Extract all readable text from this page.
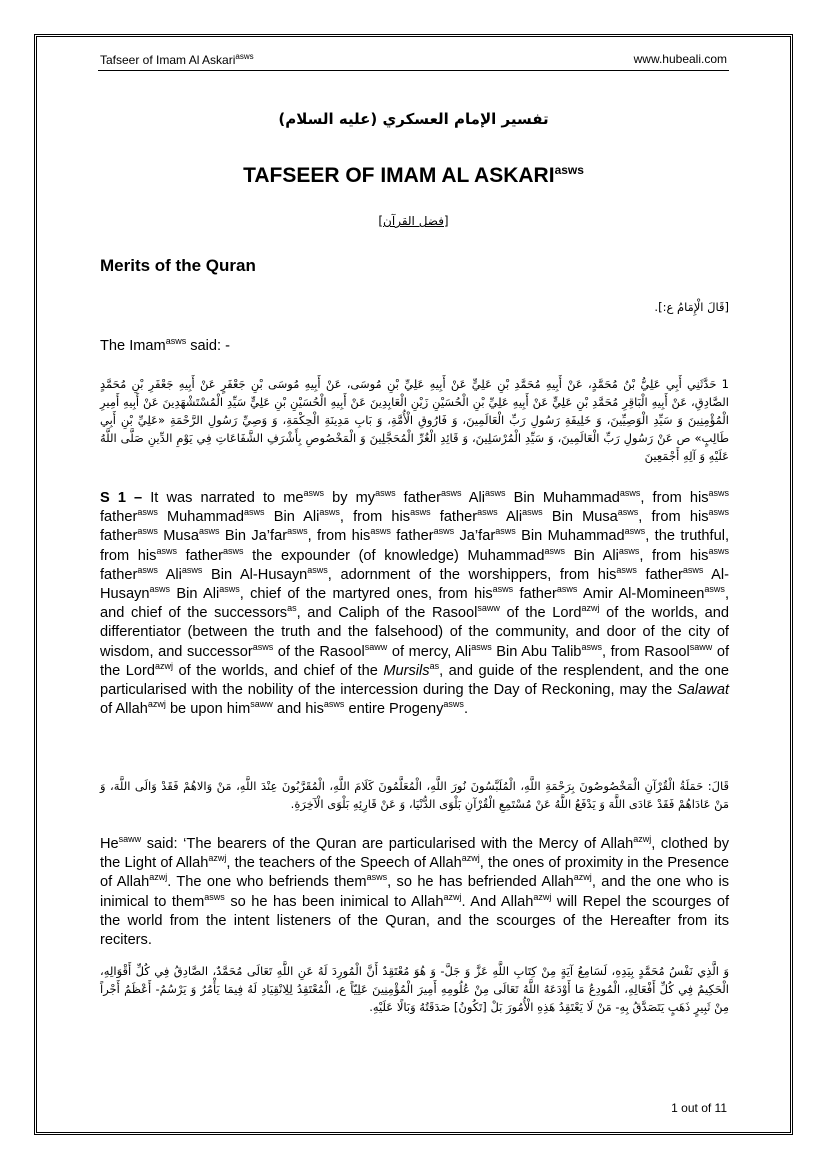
Tafseer of Imam Al Askari$^{asws}$	www.hubeali.com
تفسير الإمام العسكري (عليه السلام)
TAFSEER OF IMAM AL $ASKARI^{asws}$
[فضل القرآن]
Merits of the Quran
[قَالَ الْإِمَامُ ع:].
The Imam$^{asws}$ said: -
1 حَدَّثَنِي أَبِي عَلِيُّ بْنُ مُحَمَّدٍ، عَنْ أَبِيهِ مُحَمَّدِ بْنِ عَلِيٍّ عَنْ أَبِيهِ عَلِيِّ بْنِ مُوسَى، عَنْ أَبِيهِ مُوسَى بْنِ جَعْفَرٍ عَنْ أَبِيهِ جَعْفَرِ بْنِ مُحَمَّدٍ الصَّادِقِ، عَنْ أَبِيهِ الْبَاقِرِ مُحَمَّدِ بْنِ عَلِيٍّ عَنْ أَبِيهِ عَلِيِّ بْنِ الْحُسَيْنِ زَيْنِ الْعَابِدِينَ عَنْ أَبِيهِ الْحُسَيْنِ بْنِ عَلِيٍّ سَيِّدِ الْمُسْتَشْهَدِينَ عَنْ أَبِيهِ أَمِيرِ الْمُؤْمِنِينَ وَ سَيِّدِ الْوَصِيِّينَ، وَ خَلِيفَةِ رَسُولِ رَبِّ الْعَالَمِينَ، وَ فَارُوقِ الْأُمَّةِ، وَ بَابِ مَدِينَةِ الْحِكْمَةِ، وَ وَصِيِّ رَسُولِ الرَّحْمَةِ «عَلِيِّ بْنِ أَبِي طَالِبٍ» ص عَنْ رَسُولِ رَبِّ الْعَالَمِينَ، وَ سَيِّدِ الْمُرْسَلِينَ، وَ قَائِدِ الْغُرِّ الْمُحَجَّلِينَ وَ الْمَخْصُوصِ بِأَشْرَفِ الشَّفَاعَاتِ فِي يَوْمِ الدِّينِ صَلَّى اللَّهُ عَلَيْهِ وَ آلِهِ أَجْمَعِينَ
S 1 – It was narrated to $me^{asws}$ by $my^{asws}$ father$^{asws}$ Ali$^{asws}$ Bin Muhammad$^{asws}$, from his$^{asws}$ father$^{asws}$ Muhammad$^{asws}$ Bin Ali$^{asws}$, from his$^{asws}$ father$^{asws}$ Ali$^{asws}$ Bin Musa$^{asws}$, from his$^{asws}$ father$^{asws}$ Musa$^{asws}$ Bin Ja’far$^{asws}$, from his$^{asws}$ father$^{asws}$ Ja’far$^{asws}$ Bin Muhammad$^{asws}$, the truthful, from his$^{asws}$ father$^{asws}$ the expounder (of knowledge) Muhammad$^{asws}$ Bin Ali$^{asws}$, from his$^{asws}$ father$^{asws}$ Ali$^{asws}$ Bin Al-Husayn$^{asws}$, adornment of the worshippers, from his$^{asws}$ father$^{asws}$ Al-Husayn$^{asws}$ Bin Ali$^{asws}$, chief of the martyred ones, from his$^{asws}$ father$^{asws}$ Amir Al-Momineen$^{asws}$, and chief of the successors$^{as}$, and Caliph of the Rasool$^{saww}$ of the Lord$^{azwj}$ of the worlds, and differentiator (between the truth and the falsehood) of the community, and door of the city of wisdom, and successor$^{asws}$ of the Rasool$^{saww}$ of mercy, Ali$^{asws}$ Bin Abu Talib$^{asws}$, from Rasool$^{saww}$ of the Lord$^{azwj}$ of the worlds, and chief of the Mursils$^{as}$, and guide of the resplendent, and the one particularised with the nobility of the intercession during the Day of Reckoning, may the Salawat of Allah$^{azwj}$ be upon him$^{saww}$ and his$^{asws}$ entire Progeny$^{asws}$.
قَالَ: حَمَلَةُ الْقُرْآنِ الْمَخْصُوصُونَ بِرَحْمَةِ اللَّهِ، الْمُلَبَّسُونَ نُورَ اللَّهِ، الْمُعَلَّمُونَ كَلَامَ اللَّهِ، الْمُقَرَّبُونَ عِنْدَ اللَّهِ، مَنْ وَالاهُمْ فَقَدْ وَالَى اللَّهَ، وَ مَنْ عَادَاهُمْ فَقَدْ عَادَى اللَّهَ وَ يَدْفَعُ اللَّهُ عَنْ مُسْتَمِعِ الْقُرْآنِ بَلْوَى الدُّنْيَا، وَ عَنْ قَارِئِهِ بَلْوَى الْآخِرَةِ.
$He^{saww}$ said: ‘The bearers of the Quran are particularised with the Mercy of Allah$^{azwj}$, clothed by the Light of Allah$^{azwj}$, the teachers of the Speech of Allah$^{azwj}$, the ones of proximity in the Presence of Allah$^{azwj}$. The one who befriends them$^{asws}$, so he has befriended Allah$^{azwj}$, and the one who is inimical to them$^{asws}$ so he has been inimical to Allah$^{azwj}$. And Allah$^{azwj}$ will Repel the scourges of the world from the intent listeners of the Quran, and the scourges of the Hereafter from its reciters.
وَ الَّذِي نَفْسُ مُحَمَّدٍ بِيَدِهِ، لَسَامِعُ آيَةٍ مِنْ كِتَابِ اللَّهِ عَزَّ وَ جَلَّ- وَ هُوَ مُعْتَقِدٌ أَنَّ الْمُورِدَ لَهُ عَنِ اللَّهِ تَعَالَى مُحَمَّدٌ، الصَّادِقُ فِي كُلِّ أَقْوَالِهِ، الْحَكِيمُ فِي كُلِّ أَفْعَالِهِ، الْمُودِعُ مَا أَوْدَعَهُ اللَّهُ تَعَالَى مِنْ عُلُومِهِ أَمِيرَ الْمُؤْمِنِينَ عَلِيّاً ع، الْمُعْتَقِدُ لِلِانْقِيَادِ لَهُ فِيمَا يَأْمُرُ وَ يَرْسُمُ- أَعْظَمُ أَجْراً مِنْ ثَبِيرٍ ذَهَبٍ يَتَصَدَّقُ بِهِ- مَنْ لَا يَعْتَقِدُ هَذِهِ الْأُمُورَ بَلْ [تَكُونُ] صَدَقَتُهُ وَبَالًا عَلَيْهِ.
1 out of 11
